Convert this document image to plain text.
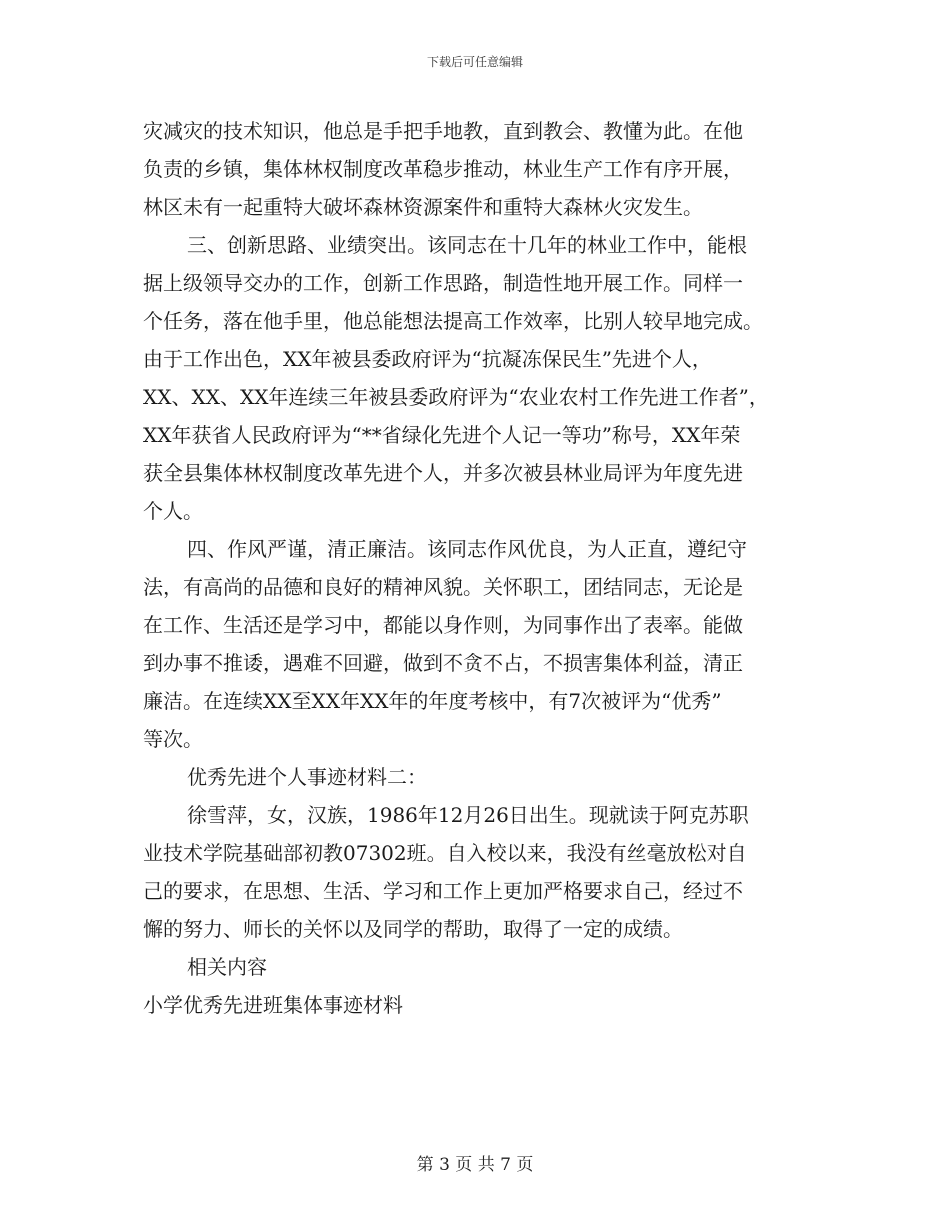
下载后可任意编辑
灾减灾的技术知识，他总是手把手地教，直到教会、教懂为此。在他
负责的乡镇，集体林权制度改革稳步推动，林业生产工作有序开展，
林区未有一起重特大破坏森林资源案件和重特大森林火灾发生。
三、创新思路、业绩突出。该同志在十几年的林业工作中，能根
据上级领导交办的工作，创新工作思路，制造性地开展工作。同样一
个任务，落在他手里，他总能想法提高工作效率，比别人较早地完成。
由于工作出色，XX年被县委政府评为“抗凝冻保民生”先进个人，
XX、XX、XX年连续三年被县委政府评为“农业农村工作先进工作者”，
XX年获省人民政府评为“**省绿化先进个人记一等功”称号，XX年荣
获全县集体林权制度改革先进个人，并多次被县林业局评为年度先进
个人。
四、作风严谨，清正廉洁。该同志作风优良，为人正直，遵纪守
法，有高尚的品德和良好的精神风貌。关怀职工，团结同志，无论是
在工作、生活还是学习中，都能以身作则，为同事作出了表率。能做
到办事不推诿，遇难不回避，做到不贪不占，不损害集体利益，清正
廉洁。在连续XX至XX年XX年的年度考核中，有7次被评为“优秀”
等次。
优秀先进个人事迹材料二：
徐雪萍，女，汉族，1986年12月26日出生。现就读于阿克苏职
业技术学院基础部初教07302班。自入校以来，我没有丝毫放松对自
己的要求，在思想、生活、学习和工作上更加严格要求自己，经过不
懈的努力、师长的关怀以及同学的帮助，取得了一定的成绩。
相关内容
小学优秀先进班集体事迹材料
第 3 页 共 7 页
